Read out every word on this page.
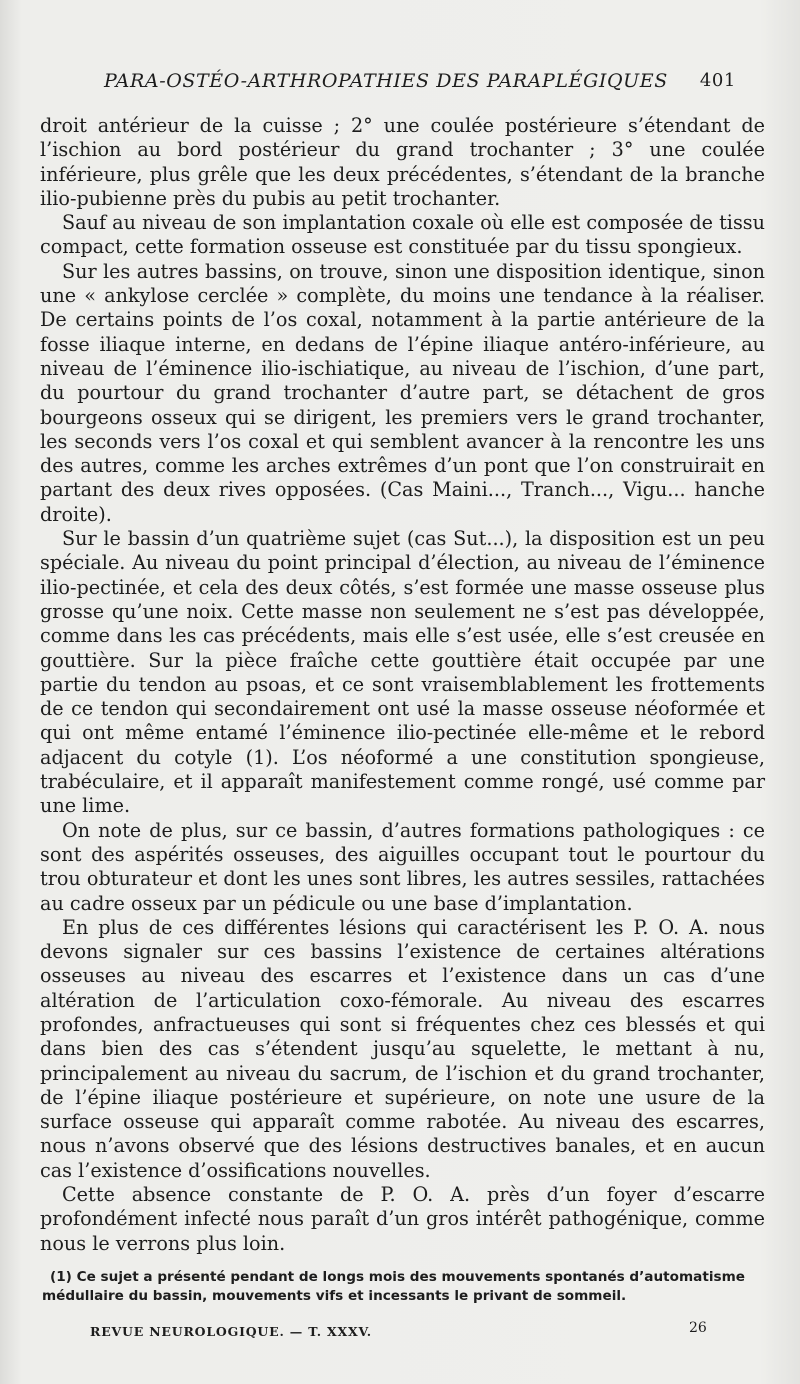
PARA-OSTÉO-ARTHROPATHIES DES PARAPLÉGIQUES 401

droit antérieur de la cuisse ; 2° une coulée postérieure s’étendant de l’ischion au bord postérieur du grand trochanter ; 3° une coulée inférieure, plus grêle que les deux précédentes, s’étendant de la branche ilio-pubienne près du pubis au petit trochanter.

Sauf au niveau de son implantation coxale où elle est composée de tissu compact, cette formation osseuse est constituée par du tissu spongieux.

Sur les autres bassins, on trouve, sinon une disposition identique, sinon une « ankylose cerclée » complète, du moins une tendance à la réaliser. De certains points de l’os coxal, notamment à la partie antérieure de la fosse iliaque interne, en dedans de l’épine iliaque antéro-inférieure, au niveau de l’éminence ilio-ischiatique, au niveau de l’ischion, d’une part, du pourtour du grand trochanter d’autre part, se détachent de gros bourgeons osseux qui se dirigent, les premiers vers le grand trochanter, les seconds vers l’os coxal et qui semblent avancer à la rencontre les uns des autres, comme les arches extrêmes d’un pont que l’on construirait en partant des deux rives opposées. (Cas Maini..., Tranch..., Vigu... hanche droite).

Sur le bassin d’un quatrième sujet (cas Sut...), la disposition est un peu spéciale. Au niveau du point principal d’élection, au niveau de l’éminence ilio-pectinée, et cela des deux côtés, s’est formée une masse osseuse plus grosse qu’une noix. Cette masse non seulement ne s’est pas développée, comme dans les cas précédents, mais elle s’est usée, elle s’est creusée en gouttière. Sur la pièce fraîche cette gouttière était occupée par une partie du tendon au psoas, et ce sont vraisemblablement les frottements de ce tendon qui secondairement ont usé la masse osseuse néoformée et qui ont même entamé l’éminence ilio-pectinée elle-même et le rebord adjacent du cotyle (1). L’os néoformé a une constitution spongieuse, trabéculaire, et il apparaît manifestement comme rongé, usé comme par une lime.

On note de plus, sur ce bassin, d’autres formations pathologiques : ce sont des aspérités osseuses, des aiguilles occupant tout le pourtour du trou obturateur et dont les unes sont libres, les autres sessiles, rattachées au cadre osseux par un pédicule ou une base d’implantation.

En plus de ces différentes lésions qui caractérisent les P. O. A. nous devons signaler sur ces bassins l’existence de certaines altérations osseuses au niveau des escarres et l’existence dans un cas d’une altération de l’articulation coxo-fémorale. Au niveau des escarres profondes, anfractueuses qui sont si fréquentes chez ces blessés et qui dans bien des cas s’étendent jusqu’au squelette, le mettant à nu, principalement au niveau du sacrum, de l’ischion et du grand trochanter, de l’épine iliaque postérieure et supérieure, on note une usure de la surface osseuse qui apparaît comme rabotée. Au niveau des escarres, nous n’avons observé que des lésions destructives banales, et en aucun cas l’existence d’ossifications nouvelles.

Cette absence constante de P. O. A. près d’un foyer d’escarre profondément infecté nous paraît d’un gros intérêt pathogénique, comme nous le verrons plus loin.

(1) Ce sujet a présenté pendant de longs mois des mouvements spontanés d’automatisme médullaire du bassin, mouvements vifs et incessants le privant de sommeil.
REVUE NEUROLOGIQUE. — T. XXXV.	26
